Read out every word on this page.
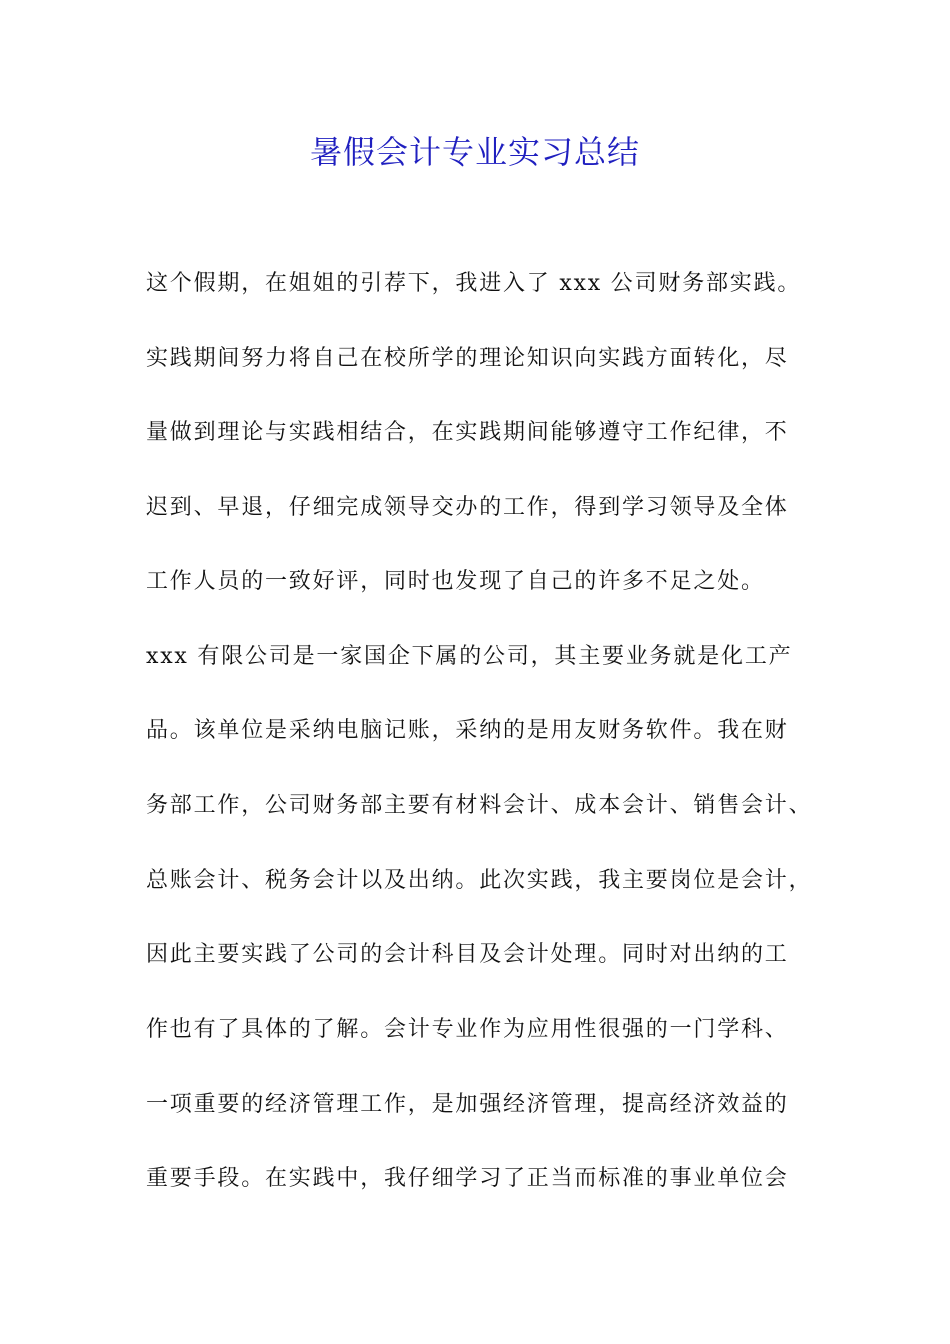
暑假会计专业实习总结
这个假期，在姐姐的引荐下，我进入了 xxx 公司财务部实践。
实践期间努力将自己在校所学的理论知识向实践方面转化，尽
量做到理论与实践相结合，在实践期间能够遵守工作纪律，不
迟到、早退，仔细完成领导交办的工作，得到学习领导及全体
工作人员的一致好评，同时也发现了自己的许多不足之处。
xxx 有限公司是一家国企下属的公司，其主要业务就是化工产
品。该单位是采纳电脑记账，采纳的是用友财务软件。我在财
务部工作，公司财务部主要有材料会计、成本会计、销售会计、
总账会计、税务会计以及出纳。此次实践，我主要岗位是会计，
因此主要实践了公司的会计科目及会计处理。同时对出纳的工
作也有了具体的了解。会计专业作为应用性很强的一门学科、
一项重要的经济管理工作，是加强经济管理，提高经济效益的
重要手段。在实践中，我仔细学习了正当而标准的事业单位会
